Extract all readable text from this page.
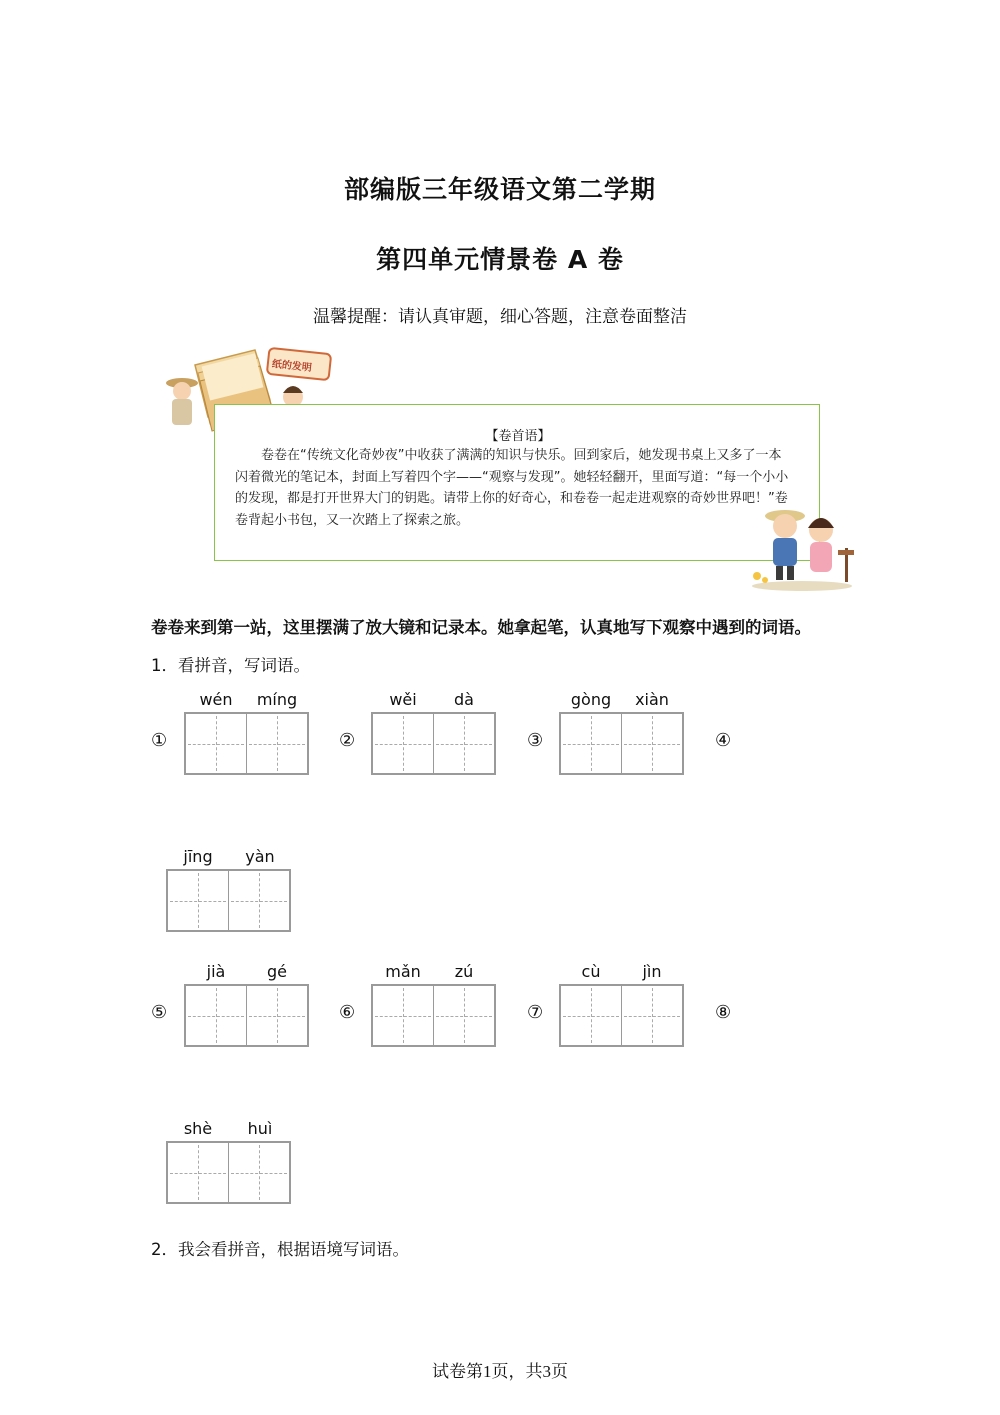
部编版三年级语文第二学期
第四单元情景卷 A 卷
温馨提醒：请认真审题，细心答题，注意卷面整洁
纸的发明
【卷首语】
卷卷在“传统文化奇妙夜”中收获了满满的知识与快乐。回到家后，她发现书桌上又多了一本闪着微光的笔记本，封面上写着四个字——“观察与发现”。她轻轻翻开，里面写道：“每一个小小的发现，都是打开世界大门的钥匙。请带上你的好奇心，和卷卷一起走进观察的奇妙世界吧！”卷卷背起小书包，又一次踏上了探索之旅。
卷卷来到第一站，这里摆满了放大镜和记录本。她拿起笔，认真地写下观察中遇到的词语。
1．看拼音，写词语。
①
wén	míng
②
wěi	dà
③
gòng	xiàn
④
jīng	yàn
⑤
jià	gé
⑥
mǎn	zú
⑦
cù	jìn
⑧
shè	huì
2．我会看拼音，根据语境写词语。
试卷第1页，共3页
